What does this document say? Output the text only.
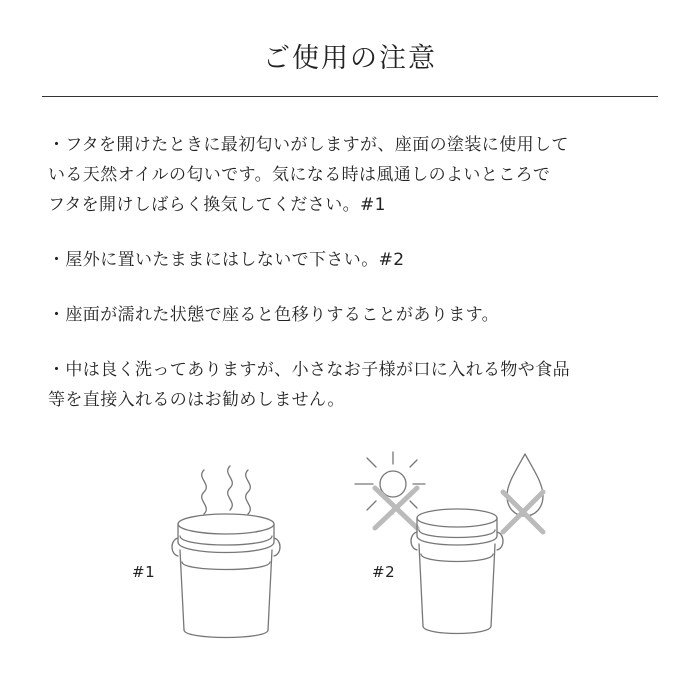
ご使用の注意
・フタを開けたときに最初匂いがしますが、座面の塗装に使用して
いる天然オイルの匂いです。気になる時は風通しのよいところで
フタを開けしばらく換気してください。#1
・屋外に置いたままにはしないで下さい。#2
・座面が濡れた状態で座ると色移りすることがあります。
・中は良く洗ってありますが、小さなお子様が口に入れる物や食品
等を直接入れるのはお勧めしません。
#1	#2
